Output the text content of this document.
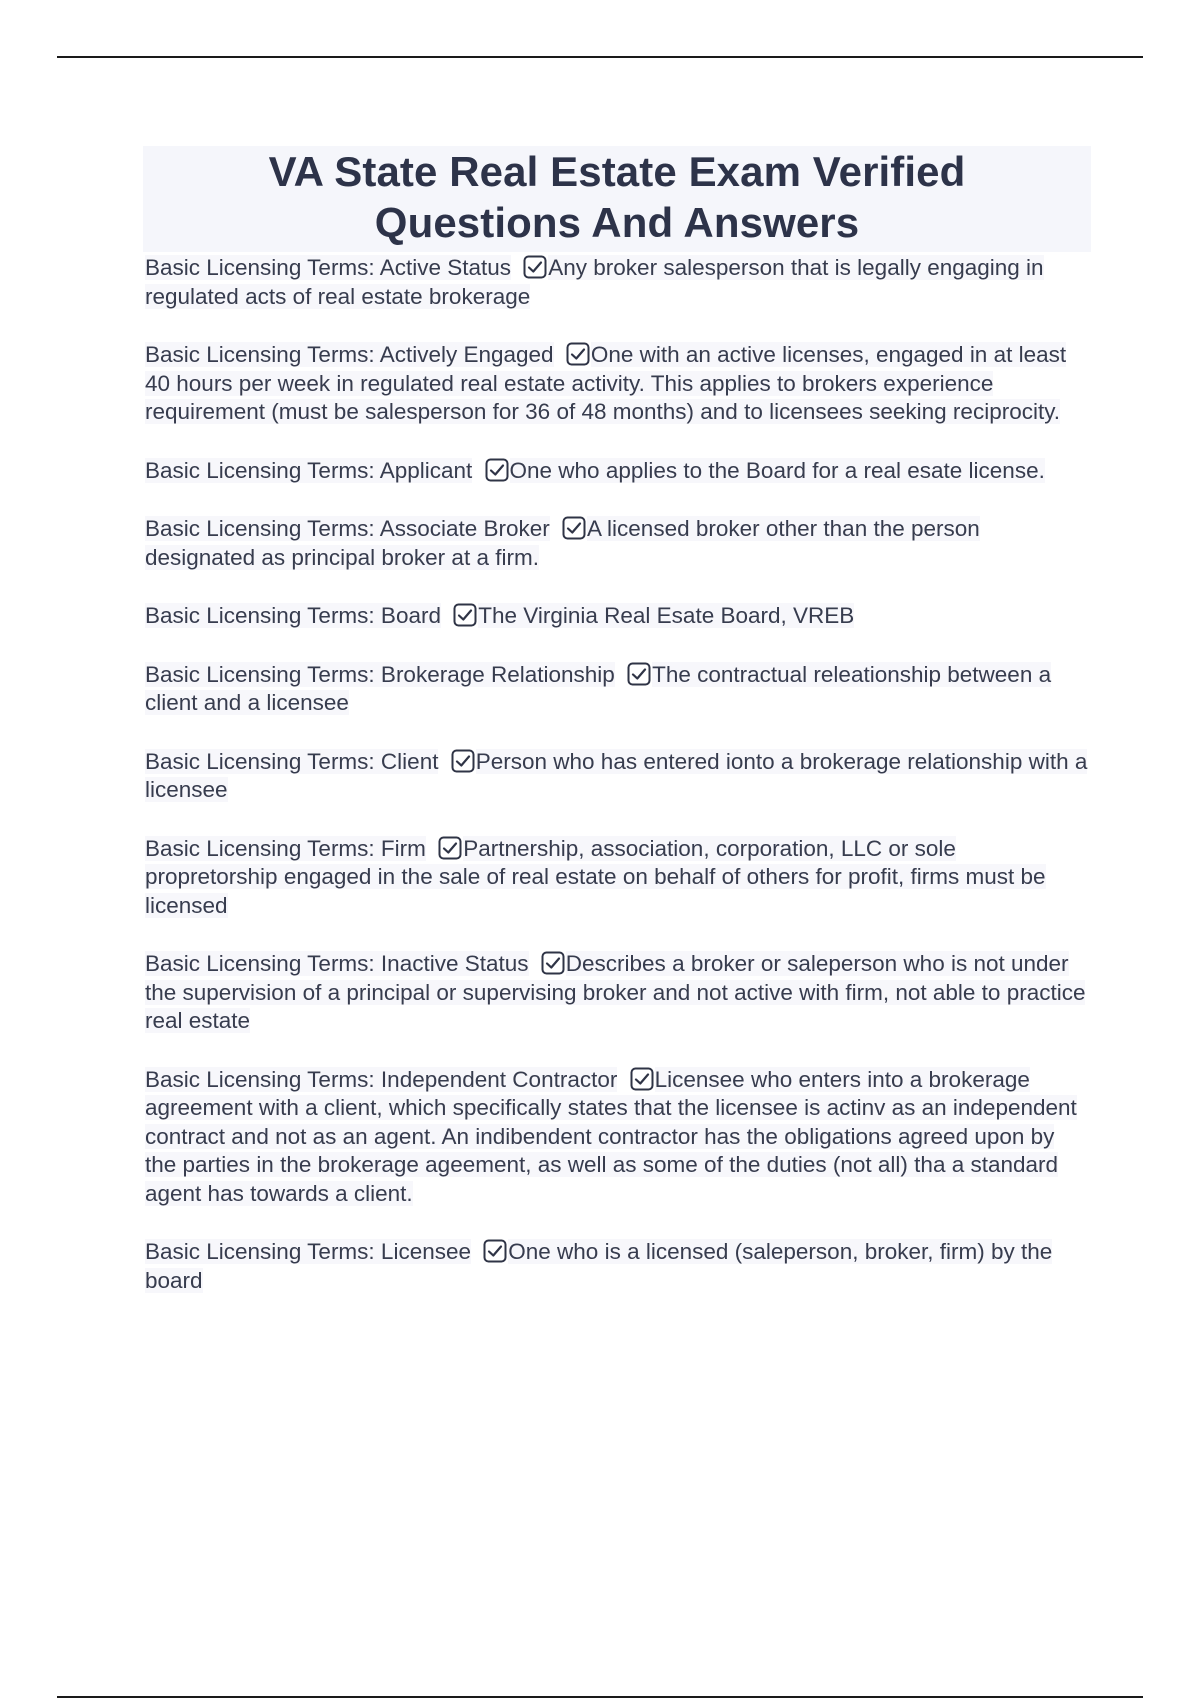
VA State Real Estate Exam Verified
Questions And Answers

Basic Licensing Terms: Active Status Any broker salesperson that is legally engaging in regulated acts of real estate brokerage

Basic Licensing Terms: Actively Engaged One with an active licenses, engaged in at least 40 hours per week in regulated real estate activity. This applies to brokers experience requirement (must be salesperson for 36 of 48 months) and to licensees seeking reciprocity.

Basic Licensing Terms: Applicant One who applies to the Board for a real esate license.

Basic Licensing Terms: Associate Broker A licensed broker other than the person designated as principal broker at a firm.

Basic Licensing Terms: Board The Virginia Real Esate Board, VREB

Basic Licensing Terms: Brokerage Relationship The contractual releationship between a client and a licensee

Basic Licensing Terms: Client Person who has entered ionto a brokerage relationship with a licensee

Basic Licensing Terms: Firm Partnership, association, corporation, LLC or sole propretorship engaged in the sale of real estate on behalf of others for profit, firms must be licensed

Basic Licensing Terms: Inactive Status Describes a broker or saleperson who is not under the supervision of a principal or supervising broker and not active with firm, not able to practice real estate

Basic Licensing Terms: Independent Contractor Licensee who enters into a brokerage agreement with a client, which specifically states that the licensee is actinv as an independent contract and not as an agent. An indibendent contractor has the obligations agreed upon by the parties in the brokerage ageement, as well as some of the duties (not all) tha a standard agent has towards a client.

Basic Licensing Terms: Licensee One who is a licensed (saleperson, broker, firm) by the board
